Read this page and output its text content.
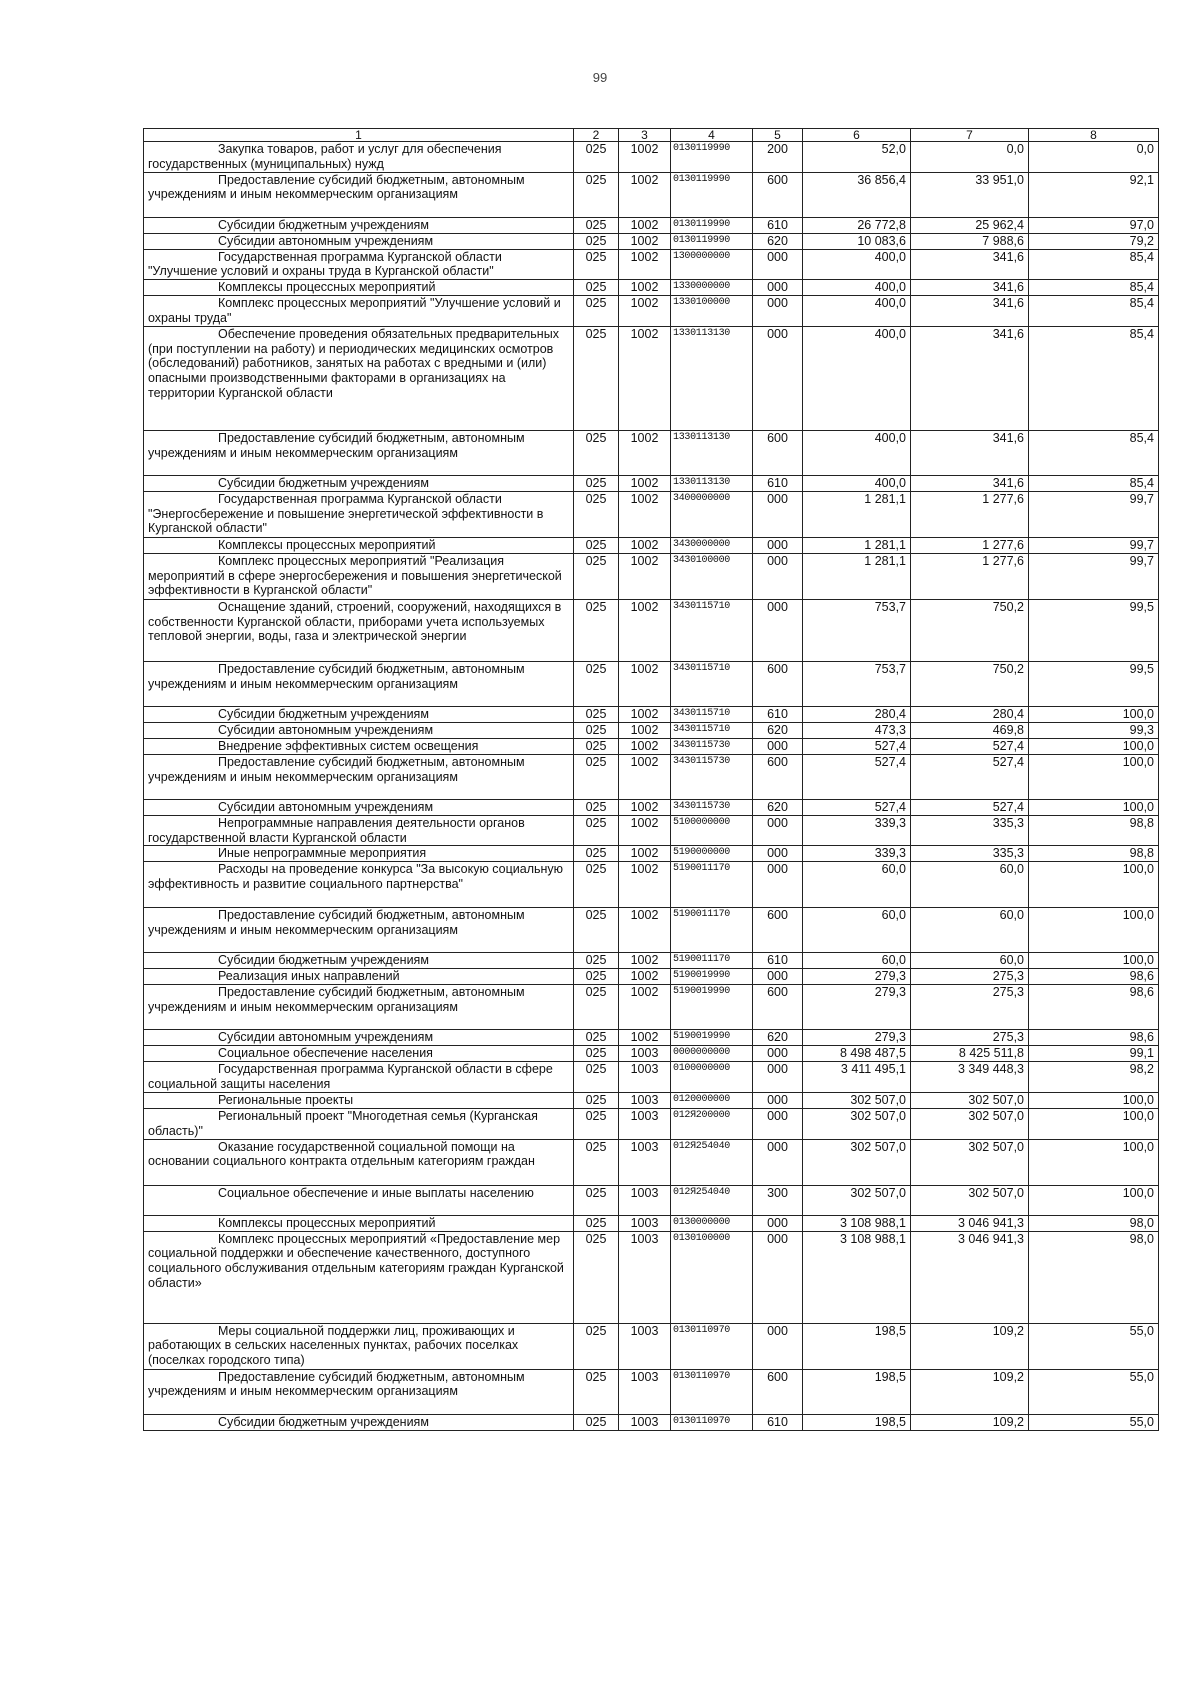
99
1	2	3	4	5	6	7	8

Закупка товаров, работ и услуг для обеспечения государственных (муниципальных) нужд	025	1002	0130119990	200	52,0	0,0	0,0

Предоставление субсидий бюджетным, автономным учреждениям и иным некоммерческим организациям	025	1002	0130119990	600	36 856,4	33 951,0	92,1

Субсидии бюджетным учреждениям	025	1002	0130119990	610	26 772,8	25 962,4	97,0

Субсидии автономным учреждениям	025	1002	0130119990	620	10 083,6	7 988,6	79,2

Государственная программа Курганской области "Улучшение условий и охраны труда в Курганской области"	025	1002	1300000000	000	400,0	341,6	85,4

Комплексы процессных мероприятий	025	1002	1330000000	000	400,0	341,6	85,4

Комплекс процессных мероприятий "Улучшение условий и охраны труда"	025	1002	1330100000	000	400,0	341,6	85,4

Обеспечение проведения обязательных предварительных (при поступлении на работу) и периодических медицинских осмотров (обследований) работников, занятых на работах с вредными и (или) опасными производственными факторами в организациях на территории Курганской области	025	1002	1330113130	000	400,0	341,6	85,4

Предоставление субсидий бюджетным, автономным учреждениям и иным некоммерческим организациям	025	1002	1330113130	600	400,0	341,6	85,4

Субсидии бюджетным учреждениям	025	1002	1330113130	610	400,0	341,6	85,4

Государственная программа Курганской области "Энергосбережение и повышение энергетической эффективности в Курганской области"	025	1002	3400000000	000	1 281,1	1 277,6	99,7

Комплексы процессных мероприятий	025	1002	3430000000	000	1 281,1	1 277,6	99,7

Комплекс процессных мероприятий "Реализация мероприятий в сфере энергосбережения и повышения энергетической эффективности в Курганской области"	025	1002	3430100000	000	1 281,1	1 277,6	99,7

Оснащение зданий, строений, сооружений, находящихся в собственности Курганской области, приборами учета используемых тепловой энергии, воды, газа и электрической энергии	025	1002	3430115710	000	753,7	750,2	99,5

Предоставление субсидий бюджетным, автономным учреждениям и иным некоммерческим организациям	025	1002	3430115710	600	753,7	750,2	99,5

Субсидии бюджетным учреждениям	025	1002	3430115710	610	280,4	280,4	100,0

Субсидии автономным учреждениям	025	1002	3430115710	620	473,3	469,8	99,3

Внедрение эффективных систем освещения	025	1002	3430115730	000	527,4	527,4	100,0

Предоставление субсидий бюджетным, автономным учреждениям и иным некоммерческим организациям	025	1002	3430115730	600	527,4	527,4	100,0

Субсидии автономным учреждениям	025	1002	3430115730	620	527,4	527,4	100,0

Непрограммные направления деятельности органов государственной власти Курганской области	025	1002	5100000000	000	339,3	335,3	98,8

Иные непрограммные мероприятия	025	1002	5190000000	000	339,3	335,3	98,8

Расходы на проведение конкурса "За высокую социальную эффективность и развитие социального партнерства"	025	1002	5190011170	000	60,0	60,0	100,0

Предоставление субсидий бюджетным, автономным учреждениям и иным некоммерческим организациям	025	1002	5190011170	600	60,0	60,0	100,0

Субсидии бюджетным учреждениям	025	1002	5190011170	610	60,0	60,0	100,0

Реализация иных направлений	025	1002	5190019990	000	279,3	275,3	98,6

Предоставление субсидий бюджетным, автономным учреждениям и иным некоммерческим организациям	025	1002	5190019990	600	279,3	275,3	98,6

Субсидии автономным учреждениям	025	1002	5190019990	620	279,3	275,3	98,6

Социальное обеспечение населения	025	1003	0000000000	000	8 498 487,5	8 425 511,8	99,1

Государственная программа Курганской области в сфере социальной защиты населения	025	1003	0100000000	000	3 411 495,1	3 349 448,3	98,2

Региональные проекты	025	1003	0120000000	000	302 507,0	302 507,0	100,0

Региональный проект "Многодетная семья (Курганская область)"	025	1003	012Я200000	000	302 507,0	302 507,0	100,0

Оказание государственной социальной помощи на основании социального контракта отдельным категориям граждан	025	1003	012Я254040	000	302 507,0	302 507,0	100,0

Социальное обеспечение и иные выплаты населению	025	1003	012Я254040	300	302 507,0	302 507,0	100,0

Комплексы процессных мероприятий	025	1003	0130000000	000	3 108 988,1	3 046 941,3	98,0

Комплекс процессных мероприятий «Предоставление мер социальной поддержки и обеспечение качественного, доступного социального обслуживания отдельным категориям граждан Курганской области»	025	1003	0130100000	000	3 108 988,1	3 046 941,3	98,0

Меры социальной поддержки лиц, проживающих и работающих в сельских населенных пунктах, рабочих поселках (поселках городского типа)	025	1003	0130110970	000	198,5	109,2	55,0

Предоставление субсидий бюджетным, автономным учреждениям и иным некоммерческим организациям	025	1003	0130110970	600	198,5	109,2	55,0

Субсидии бюджетным учреждениям	025	1003	0130110970	610	198,5	109,2	55,0
